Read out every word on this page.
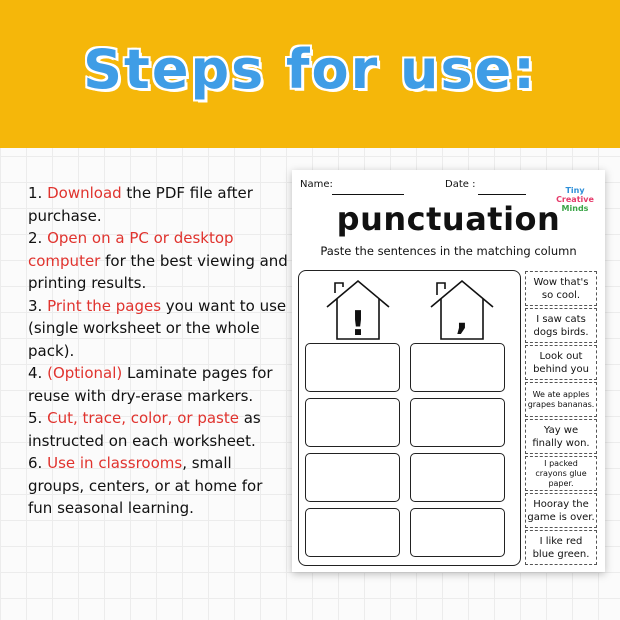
Steps for use:

1. Download the PDF file after purchase.

2. Open on a PC or desktop computer for the best viewing and printing results.

3. Print the pages you want to use (single worksheet or the whole pack).

4. (Optional) Laminate pages for reuse with dry-erase markers.

5. Cut, trace, color, or paste as instructed on each worksheet.

6. Use in classrooms, small groups, centers, or at home for fun seasonal learning.

Name:	Date :
Tiny
Creative
Minds
punctuation
Paste the sentences in the matching column
!	,
Wow that's
so cool.
I saw cats
dogs birds.
Look out
behind you
We ate apples
grapes bananas.
Yay we
finally won.
I packed
crayons glue paper.
Hooray the
game is over.
I like red
blue green.
